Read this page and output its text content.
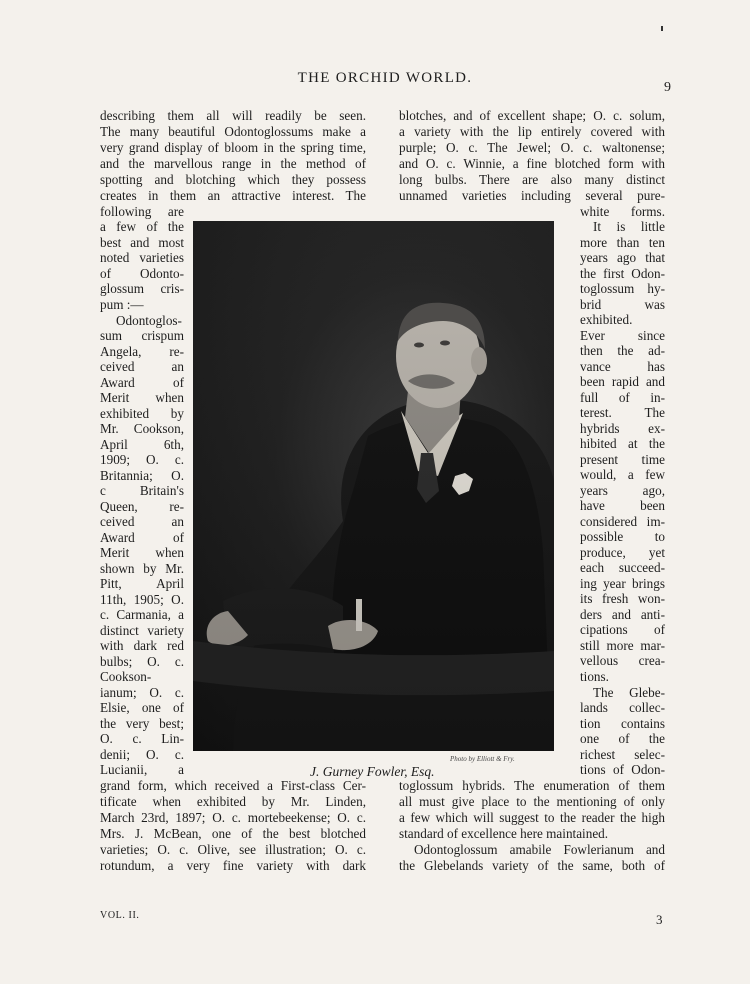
THE ORCHID WORLD.
9
describing them all will readily be seen.
The many beautiful Odontoglossums make a
very grand display of bloom in the spring time,
and the marvellous range in the method of
spotting and blotching which they possess
creates in them an attractive interest. The
following are
a few of the
best and most
noted varieties
of Odonto-
glossum cris-
pum :—
Odontoglos-
sum crispum
Angela, re-
ceived an
Award of
Merit when
exhibited by
Mr. Cookson,
April 6th,
1909; O. c.
Britannia; O.
c Britain's
Queen, re-
ceived an
Award of
Merit when
shown by Mr.
Pitt, April
11th, 1905; O.
c. Carmania, a
distinct variety
with dark red
bulbs; O. c.
Cookson-
ianum; O. c.
Elsie, one of
the very best;
O. c. Lin-
denii; O. c.
Lucianii, a
grand form, which received a First-class Cer-
tificate when exhibited by Mr. Linden,
March 23rd, 1897; O. c. mortebeekense; O. c.
Mrs. J. McBean, one of the best blotched
varieties; O. c. Olive, see illustration; O. c.
rotundum, a very fine variety with dark
blotches, and of excellent shape; O. c. solum,
a variety with the lip entirely covered with
purple; O. c. The Jewel; O. c. waltonense;
and O. c. Winnie, a fine blotched form with
long bulbs. There are also many distinct
unnamed varieties including several pure-
white forms.
It is little
more than ten
years ago that
the first Odon-
toglossum hy-
brid was
exhibited.
Ever since
then the ad-
vance has
been rapid and
full of in-
terest. The
hybrids ex-
hibited at the
present time
would, a few
years ago,
have been
considered im-
possible to
produce, yet
each succeed-
ing year brings
its fresh won-
ders and anti-
cipations of
still more mar-
vellous crea-
tions.
The Glebe-
lands collec-
tion contains
one of the
richest selec-
tions of Odon-
toglossum hybrids. The enumeration of them
all must give place to the mentioning of only
a few which will suggest to the reader the high
standard of excellence here maintained.
Odontoglossum amabile Fowlerianum and
the Glebelands variety of the same, both of
J. Gurney Fowler, Esq.
Photo by Elliott & Fry.
VOL. II.	3
